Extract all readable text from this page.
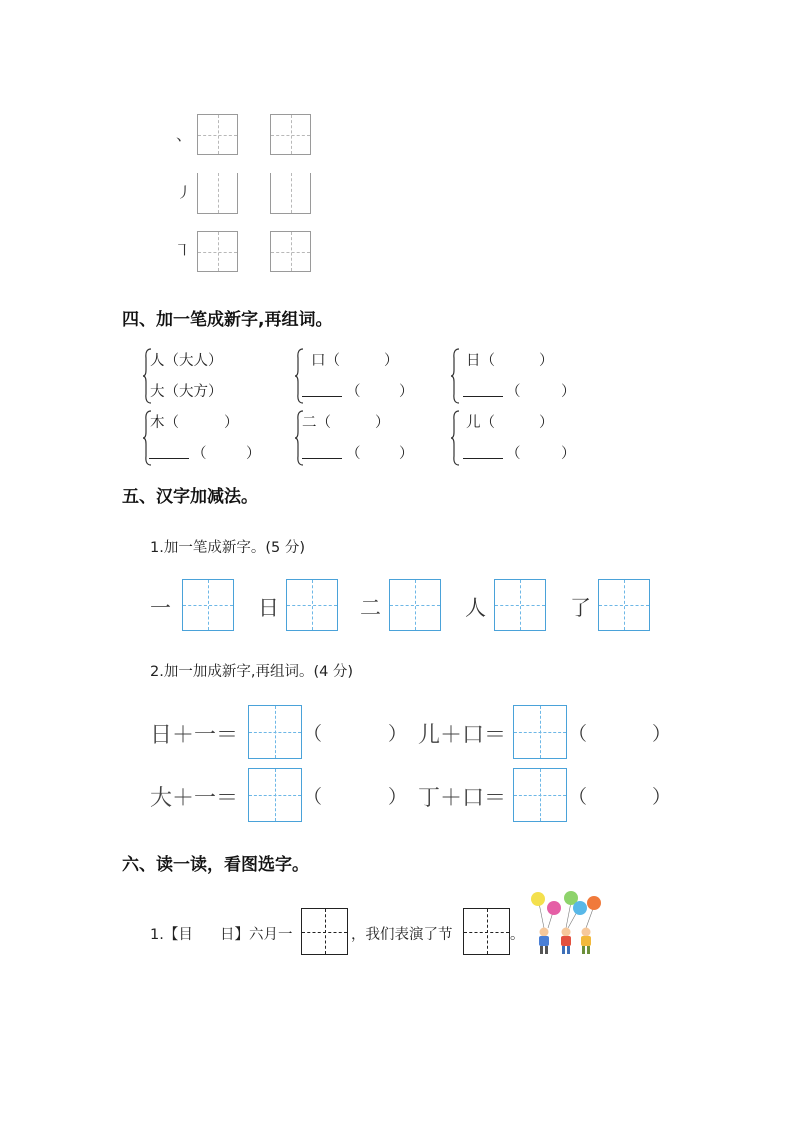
、
㇓
㇕
四、加一笔成新字,再组词。
人（大人）
大（大方）
口（	）
（	）
日（	）
（	）
木（	）
（	）
二（	）
（	）
儿（	）
（	）
五、汉字加减法。
1.加一笔成新字。(5 分)
一	日	二	人	了
2.加一加成新字,再组词。(4 分)
日＋一＝	（	） 儿＋口＝	（	）
大＋一＝	（	） 丁＋口＝	（	）
六、读一读，看图选字。
1.【目 日】六月一	，我们表演了节	。
